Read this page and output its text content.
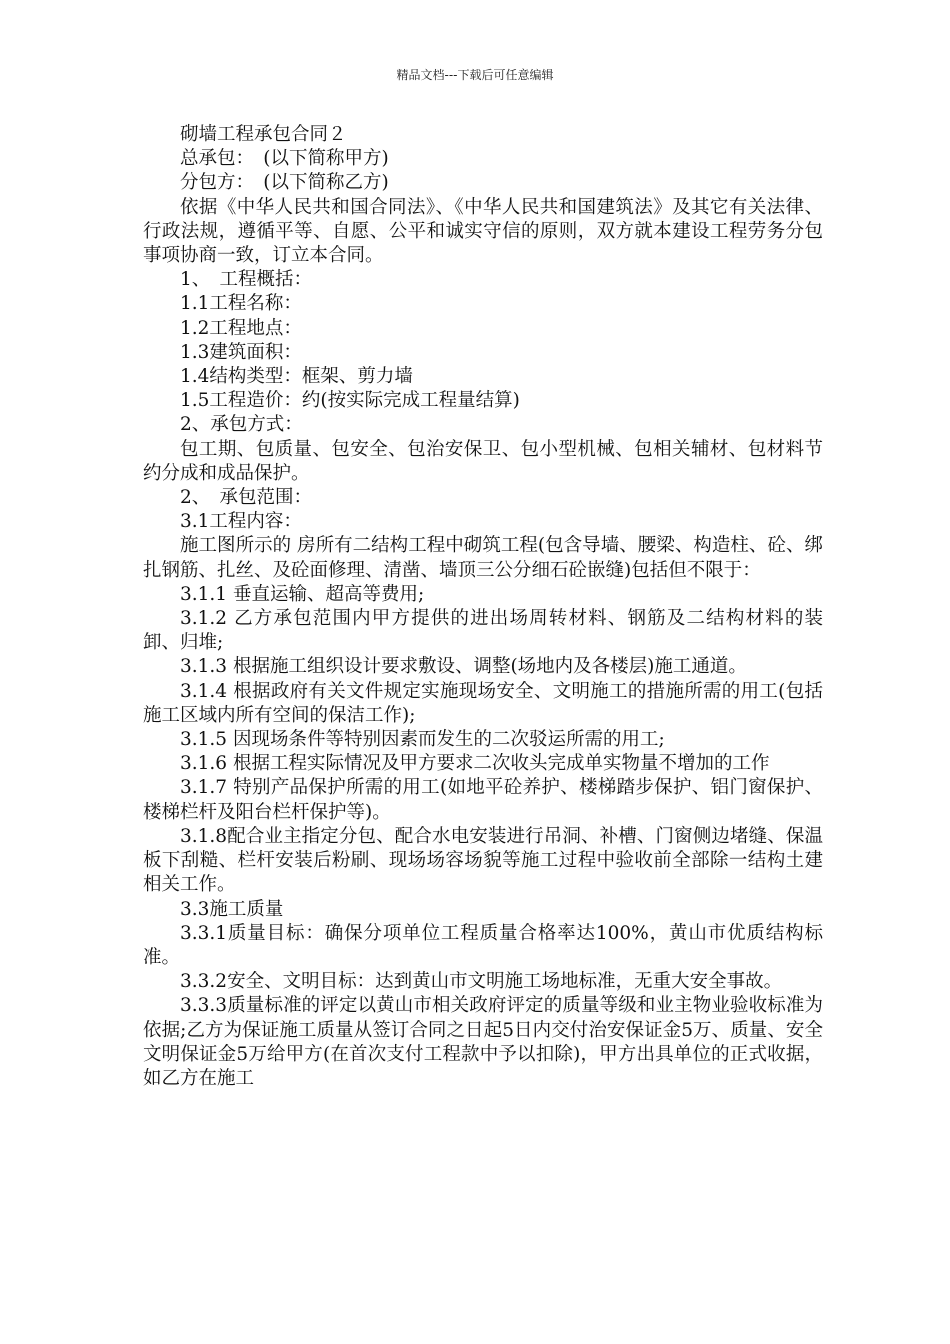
精品文档---下载后可任意编辑

砌墙工程承包合同２

总承包：　(以下简称甲方)

分包方：　(以下简称乙方)

依据《中华人民共和国合同法》、《中华人民共和国建筑法》及其它有关法律、行政法规，遵循平等、自愿、公平和诚实守信的原则，双方就本建设工程劳务分包事项协商一致，订立本合同。

1、　工程概括：

1.1工程名称：

1.2工程地点：

1.3建筑面积：

1.4结构类型：框架、剪力墙

1.5工程造价：约(按实际完成工程量结算)

2、承包方式：

包工期、包质量、包安全、包治安保卫、包小型机械、包相关辅材、包材料节约分成和成品保护。

2、　承包范围：

3.1工程内容：

施工图所示的 房所有二结构工程中砌筑工程(包含导墙、腰梁、构造柱、砼、绑扎钢筋、扎丝、及砼面修理、清凿、墙顶三公分细石砼嵌缝)包括但不限于：

3.1.1 垂直运输、超高等费用;

3.1.2 乙方承包范围内甲方提供的进出场周转材料、钢筋及二结构材料的装卸、归堆;

3.1.3 根据施工组织设计要求敷设、调整(场地内及各楼层)施工通道。

3.1.4 根据政府有关文件规定实施现场安全、文明施工的措施所需的用工(包括施工区域内所有空间的保洁工作);

3.1.5 因现场条件等特别因素而发生的二次驳运所需的用工;

3.1.6 根据工程实际情况及甲方要求二次收头完成单实物量不增加的工作

3.1.7 特别产品保护所需的用工(如地平砼养护、楼梯踏步保护、铝门窗保护、楼梯栏杆及阳台栏杆保护等)。

3.1.8配合业主指定分包、配合水电安装进行吊洞、补槽、门窗侧边堵缝、保温板下刮糙、栏杆安装后粉刷、现场场容场貌等施工过程中验收前全部除一结构土建相关工作。

3.3施工质量

3.3.1质量目标：确保分项单位工程质量合格率达100%，黄山市优质结构标准。

3.3.2安全、文明目标：达到黄山市文明施工场地标准，无重大安全事故。

3.3.3质量标准的评定以黄山市相关政府评定的质量等级和业主物业验收标准为依据;乙方为保证施工质量从签订合同之日起5日内交付治安保证金5万、质量、安全文明保证金5万给甲方(在首次支付工程款中予以扣除)，甲方出具单位的正式收据，如乙方在施工
